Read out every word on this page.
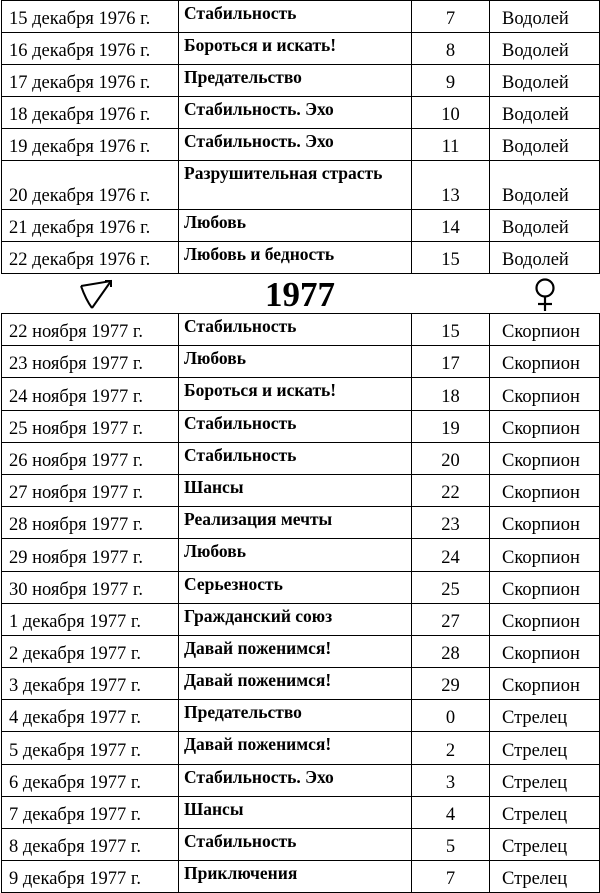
15 декабря 1976 г.	Стабильность	7	Водолей
16 декабря 1976 г.	Бороться и искать!	8	Водолей
17 декабря 1976 г.	Предательство	9	Водолей
18 декабря 1976 г.	Стабильность. Эхо	10	Водолей
19 декабря 1976 г.	Стабильность. Эхо	11	Водолей
20 декабря 1976 г.	Разрушительная страсть	13	Водолей
21 декабря 1976 г.	Любовь	14	Водолей
22 декабря 1976 г.	Любовь и бедность	15	Водолей
1977
22 ноября 1977 г.	Стабильность	15	Скорпион
23 ноября 1977 г.	Любовь	17	Скорпион
24 ноября 1977 г.	Бороться и искать!	18	Скорпион
25 ноября 1977 г.	Стабильность	19	Скорпион
26 ноября 1977 г.	Стабильность	20	Скорпион
27 ноября 1977 г.	Шансы	22	Скорпион
28 ноября 1977 г.	Реализация мечты	23	Скорпион
29 ноября 1977 г.	Любовь	24	Скорпион
30 ноября 1977 г.	Серьезность	25	Скорпион
1 декабря 1977 г.	Гражданский союз	27	Скорпион
2 декабря 1977 г.	Давай поженимся!	28	Скорпион
3 декабря 1977 г.	Давай поженимся!	29	Скорпион
4 декабря 1977 г.	Предательство	0	Стрелец
5 декабря 1977 г.	Давай поженимся!	2	Стрелец
6 декабря 1977 г.	Стабильность. Эхо	3	Стрелец
7 декабря 1977 г.	Шансы	4	Стрелец
8 декабря 1977 г.	Стабильность	5	Стрелец
9 декабря 1977 г.	Приключения	7	Стрелец
